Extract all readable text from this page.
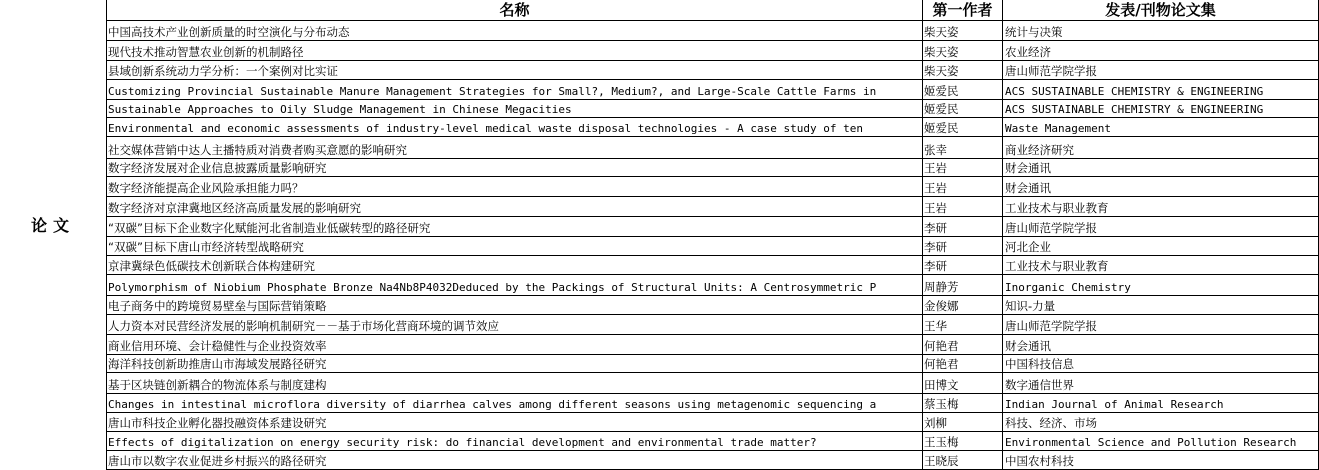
论文
名称	第一作者	发表/刊物论文集
中国高技术产业创新质量的时空演化与分布动态	柴天姿	统计与决策
现代技术推动智慧农业创新的机制路径	柴天姿	农业经济
县域创新系统动力学分析：一个案例对比实证	柴天姿	唐山师范学院学报
Customizing Provincial Sustainable Manure Management Strategies for Small?, Medium?, and Large-Scale Cattle Farms in	姬爱民	ACS SUSTAINABLE CHEMISTRY & ENGINEERING
Sustainable Approaches to Oily Sludge Management in Chinese Megacities	姬爱民	ACS SUSTAINABLE CHEMISTRY & ENGINEERING
Environmental and economic assessments of industry-level medical waste disposal technologies - A case study of ten	姬爱民	Waste Management
社交媒体营销中达人主播特质对消费者购买意愿的影响研究	张幸	商业经济研究
数字经济发展对企业信息披露质量影响研究	王岩	财会通讯
数字经济能提高企业风险承担能力吗？	王岩	财会通讯
数字经济对京津冀地区经济高质量发展的影响研究	王岩	工业技术与职业教育
“双碳”目标下企业数字化赋能河北省制造业低碳转型的路径研究	李研	唐山师范学院学报
“双碳”目标下唐山市经济转型战略研究	李研	河北企业
京津冀绿色低碳技术创新联合体构建研究	李研	工业技术与职业教育
Polymorphism of Niobium Phosphate Bronze Na4Nb8P4032Deduced by the Packings of Structural Units: A Centrosymmetric P	周静芳	Inorganic Chemistry
电子商务中的跨境贸易壁垒与国际营销策略	金俊娜	知识-力量
人力资本对民营经济发展的影响机制研究－－基于市场化营商环境的调节效应	王华	唐山师范学院学报
商业信用环境、会计稳健性与企业投资效率	何艳君	财会通讯
海洋科技创新助推唐山市海域发展路径研究	何艳君	中国科技信息
基于区块链创新耦合的物流体系与制度建构	田博文	数字通信世界
Changes in intestinal microflora diversity of diarrhea calves among different seasons using metagenomic sequencing a	蔡玉梅	Indian Journal of Animal Research
唐山市科技企业孵化器投融资体系建设研究	刘柳	科技、经济、市场
Effects of digitalization on energy security risk: do financial development and environmental trade matter?	王玉梅	Environmental Science and Pollution Research
唐山市以数字农业促进乡村振兴的路径研究	王晓辰	中国农村科技
